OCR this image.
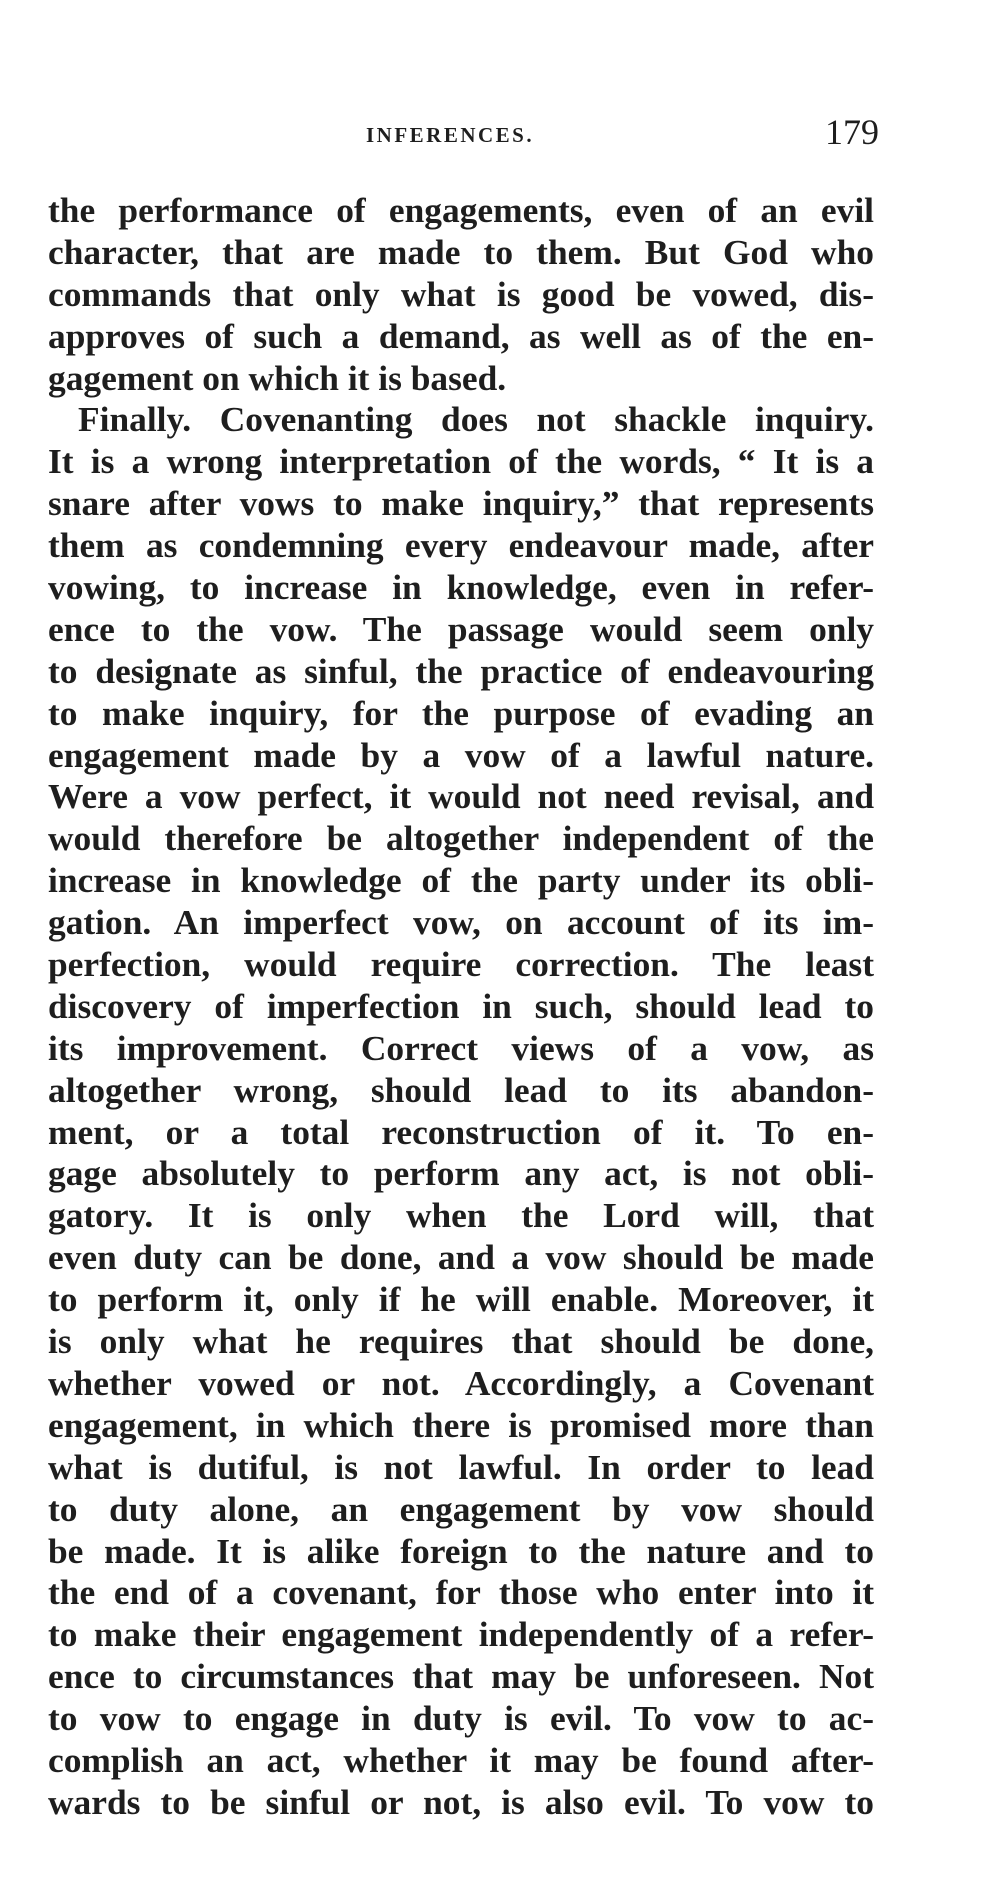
INFERENCES.	179
the performance of engagements, even of an evil
character, that are made to them. But God who
commands that only what is good be vowed, dis-
approves of such a demand, as well as of the en-
gagement on which it is based.
Finally. Covenanting does not shackle inquiry.
It is a wrong interpretation of the words, “ It is a
snare after vows to make inquiry,” that represents
them as condemning every endeavour made, after
vowing, to increase in knowledge, even in refer-
ence to the vow. The passage would seem only
to designate as sinful, the practice of endeavouring
to make inquiry, for the purpose of evading an
engagement made by a vow of a lawful nature.
Were a vow perfect, it would not need revisal, and
would therefore be altogether independent of the
increase in knowledge of the party under its obli-
gation. An imperfect vow, on account of its im-
perfection, would require correction. The least
discovery of imperfection in such, should lead to
its improvement. Correct views of a vow, as
altogether wrong, should lead to its abandon-
ment, or a total reconstruction of it. To en-
gage absolutely to perform any act, is not obli-
gatory. It is only when the Lord will, that
even duty can be done, and a vow should be made
to perform it, only if he will enable. Moreover, it
is only what he requires that should be done,
whether vowed or not. Accordingly, a Covenant
engagement, in which there is promised more than
what is dutiful, is not lawful. In order to lead
to duty alone, an engagement by vow should
be made. It is alike foreign to the nature and to
the end of a covenant, for those who enter into it
to make their engagement independently of a refer-
ence to circumstances that may be unforeseen. Not
to vow to engage in duty is evil. To vow to ac-
complish an act, whether it may be found after-
wards to be sinful or not, is also evil. To vow to
